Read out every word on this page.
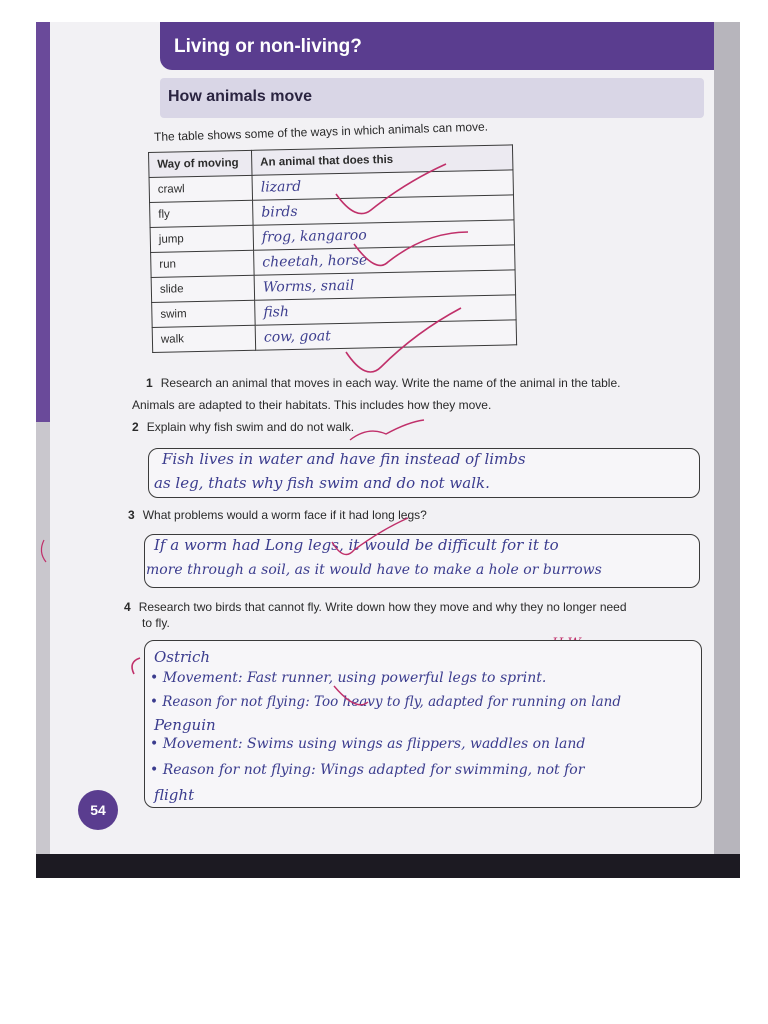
Living or non-living?
How animals move
The table shows some of the ways in which animals can move.
Way of moving	An animal that does this
crawl	lizard
fly	birds
jump	frog, kangaroo
run	cheetah, horse
slide	Worms, snail
swim	fish
walk	cow, goat
1 Research an animal that moves in each way. Write the name of the animal in the table.
Animals are adapted to their habitats. This includes how they move.
2 Explain why fish swim and do not walk.
Fish lives in water and have fin instead of limbs
as leg, thats why fish swim and do not walk.
3 What problems would a worm face if it had long legs?
If a worm had Long legs, it would be difficult for it to
more through a soil, as it would have to make a hole or burrows
4 Research two birds that cannot fly. Write down how they move and why they no longer need
to fly.
Ostrich
• Movement: Fast runner, using powerful legs to sprint.
• Reason for not flying: Too heavy to fly, adapted for running on land
Penguin
• Movement: Swims using wings as flippers, waddles on land
• Reason for not flying: Wings adapted for swimming, not for
flight
54
